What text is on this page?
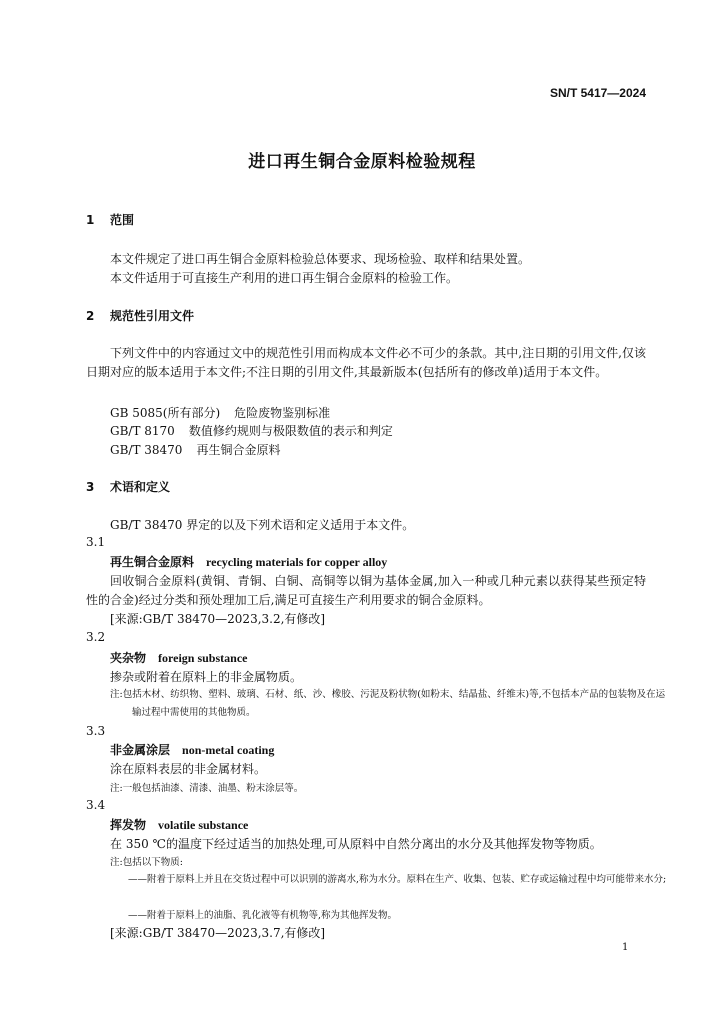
SN/T 5417—2024
进口再生铜合金原料检验规程
1 范围
本文件规定了进口再生铜合金原料检验总体要求、现场检验、取样和结果处置。
本文件适用于可直接生产利用的进口再生铜合金原料的检验工作。
2 规范性引用文件
下列文件中的内容通过文中的规范性引用而构成本文件必不可少的条款。其中,注日期的引用文件,仅该日期对应的版本适用于本文件;不注日期的引用文件,其最新版本(包括所有的修改单)适用于本文件。
GB 5085(所有部分) 危险废物鉴别标准
GB/T 8170 数值修约规则与极限数值的表示和判定
GB/T 38470 再生铜合金原料
3 术语和定义
GB/T 38470 界定的以及下列术语和定义适用于本文件。
3.1
再生铜合金原料 recycling materials for copper alloy
回收铜合金原料(黄铜、青铜、白铜、高铜等以铜为基体金属,加入一种或几种元素以获得某些预定特性的合金)经过分类和预处理加工后,满足可直接生产利用要求的铜合金原料。
[来源:GB/T 38470—2023,3.2,有修改]
3.2
夹杂物 foreign substance
掺杂或附着在原料上的非金属物质。
注:包括木材、纺织物、塑料、玻璃、石材、纸、沙、橡胶、污泥及粉状物(如粉末、结晶盐、纤维末)等,不包括本产品的包装物及在运输过程中需使用的其他物质。
3.3
非金属涂层 non-metal coating
涂在原料表层的非金属材料。
注:一般包括油漆、清漆、油墨、粉末涂层等。
3.4
挥发物 volatile substance
在 350 ℃的温度下经过适当的加热处理,可从原料中自然分离出的水分及其他挥发物等物质。
注:包括以下物质:
——附着于原料上并且在交货过程中可以识别的游离水,称为水分。原料在生产、收集、包装、贮存或运输过程中均可能带来水分;
——附着于原料上的油脂、乳化液等有机物等,称为其他挥发物。
[来源:GB/T 38470—2023,3.7,有修改]
1
